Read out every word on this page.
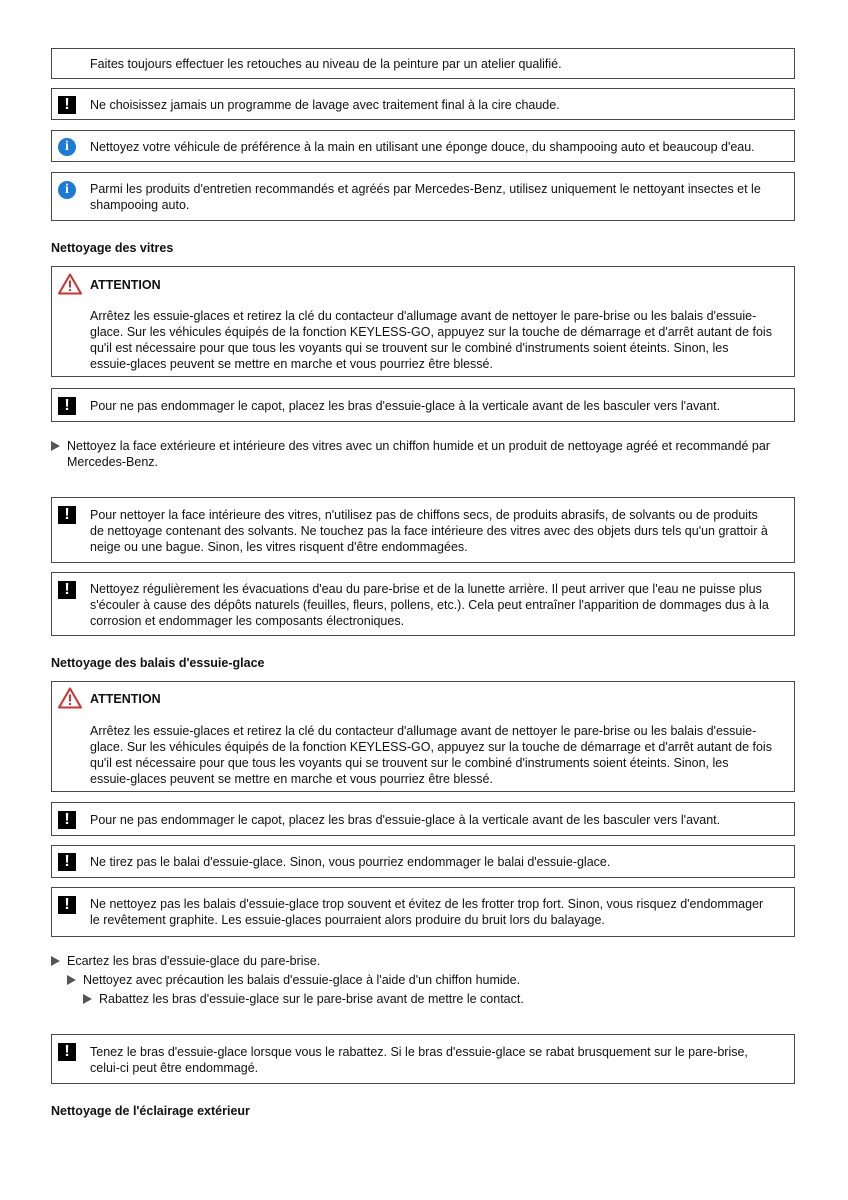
Faites toujours effectuer les retouches au niveau de la peinture par un atelier qualifié.
!	Ne choisissez jamais un programme de lavage avec traitement final à la cire chaude.
i	Nettoyez votre véhicule de préférence à la main en utilisant une éponge douce, du shampooing auto et beaucoup d'eau.
i	Parmi les produits d'entretien recommandés et agréés par Mercedes-Benz, utilisez uniquement le nettoyant insectes et le shampooing auto.
Nettoyage des vitres
ATTENTION
Arrêtez les essuie-glaces et retirez la clé du contacteur d'allumage avant de nettoyer le pare-brise ou les balais d'essuie-glace. Sur les véhicules équipés de la fonction KEYLESS-GO, appuyez sur la touche de démarrage et d'arrêt autant de fois qu'il est nécessaire pour que tous les voyants qui se trouvent sur le combiné d'instruments soient éteints. Sinon, les essuie-glaces peuvent se mettre en marche et vous pourriez être blessé.
!	Pour ne pas endommager le capot, placez les bras d'essuie-glace à la verticale avant de les basculer vers l'avant.
Nettoyez la face extérieure et intérieure des vitres avec un chiffon humide et un produit de nettoyage agréé et recommandé par Mercedes-Benz.
!	Pour nettoyer la face intérieure des vitres, n'utilisez pas de chiffons secs, de produits abrasifs, de solvants ou de produits de nettoyage contenant des solvants. Ne touchez pas la face intérieure des vitres avec des objets durs tels qu'un grattoir à neige ou une bague. Sinon, les vitres risquent d'être endommagées.
!	Nettoyez régulièrement les évacuations d'eau du pare-brise et de la lunette arrière. Il peut arriver que l'eau ne puisse plus s'écouler à cause des dépôts naturels (feuilles, fleurs, pollens, etc.). Cela peut entraîner l'apparition de dommages dus à la corrosion et endommager les composants électroniques.
Nettoyage des balais d'essuie-glace
ATTENTION
Arrêtez les essuie-glaces et retirez la clé du contacteur d'allumage avant de nettoyer le pare-brise ou les balais d'essuie-glace. Sur les véhicules équipés de la fonction KEYLESS-GO, appuyez sur la touche de démarrage et d'arrêt autant de fois qu'il est nécessaire pour que tous les voyants qui se trouvent sur le combiné d'instruments soient éteints. Sinon, les essuie-glaces peuvent se mettre en marche et vous pourriez être blessé.
!	Pour ne pas endommager le capot, placez les bras d'essuie-glace à la verticale avant de les basculer vers l'avant.
!	Ne tirez pas le balai d'essuie-glace. Sinon, vous pourriez endommager le balai d'essuie-glace.
!	Ne nettoyez pas les balais d'essuie-glace trop souvent et évitez de les frotter trop fort. Sinon, vous risquez d'endommager le revêtement graphite. Les essuie-glaces pourraient alors produire du bruit lors du balayage.
Ecartez les bras d'essuie-glace du pare-brise.
Nettoyez avec précaution les balais d'essuie-glace à l'aide d'un chiffon humide.
Rabattez les bras d'essuie-glace sur le pare-brise avant de mettre le contact.
!	Tenez le bras d'essuie-glace lorsque vous le rabattez. Si le bras d'essuie-glace se rabat brusquement sur le pare-brise, celui-ci peut être endommagé.
Nettoyage de l'éclairage extérieur
